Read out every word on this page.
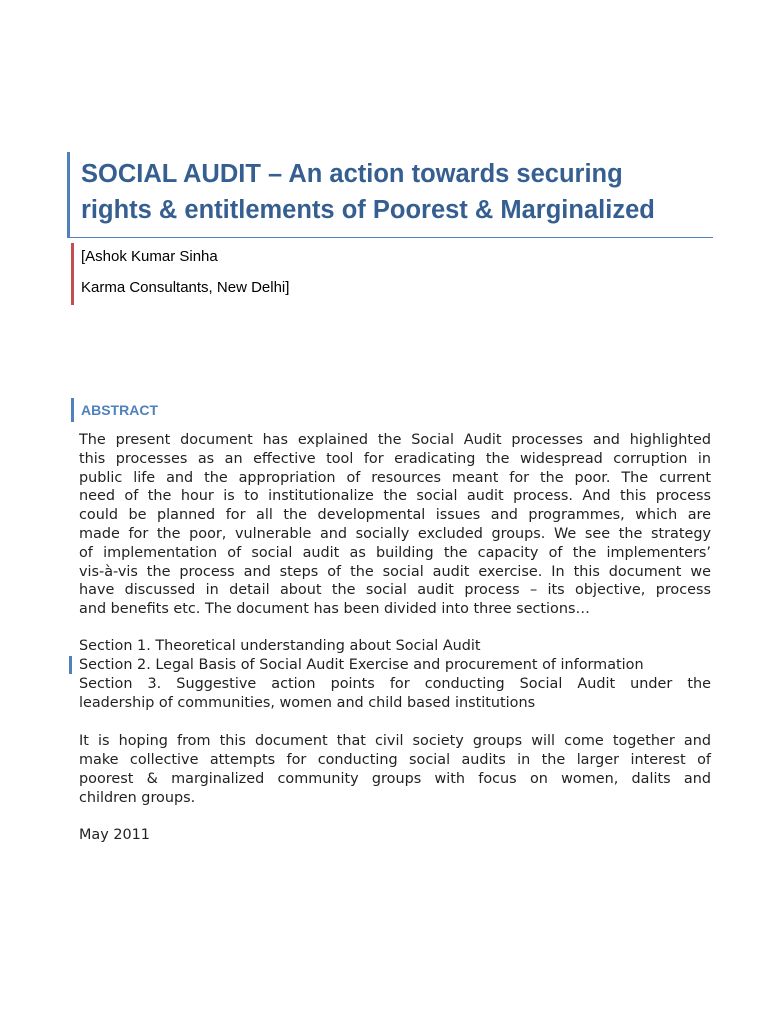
SOCIAL AUDIT – An action towards securing
rights & entitlements of Poorest & Marginalized
[Ashok Kumar Sinha
Karma Consultants, New Delhi]
ABSTRACT
The present document has explained the Social Audit processes and highlighted
this processes as an effective tool for eradicating the widespread corruption in
public life and the appropriation of resources meant for the poor. The current
need of the hour is to institutionalize the social audit process. And this process
could be planned for all the developmental issues and programmes, which are
made for the poor, vulnerable and socially excluded groups. We see the strategy
of implementation of social audit as building the capacity of the implementers’
vis-à-vis the process and steps of the social audit exercise. In this document we
have discussed in detail about the social audit process – its objective, process
and benefits etc. The document has been divided into three sections…
Section 1. Theoretical understanding about Social Audit
Section 2. Legal Basis of Social Audit Exercise and procurement of information
Section 3. Suggestive action points for conducting Social Audit under the
leadership of communities, women and child based institutions
It is hoping from this document that civil society groups will come together and
make collective attempts for conducting social audits in the larger interest of
poorest & marginalized community groups with focus on women, dalits and
children groups.
May 2011
